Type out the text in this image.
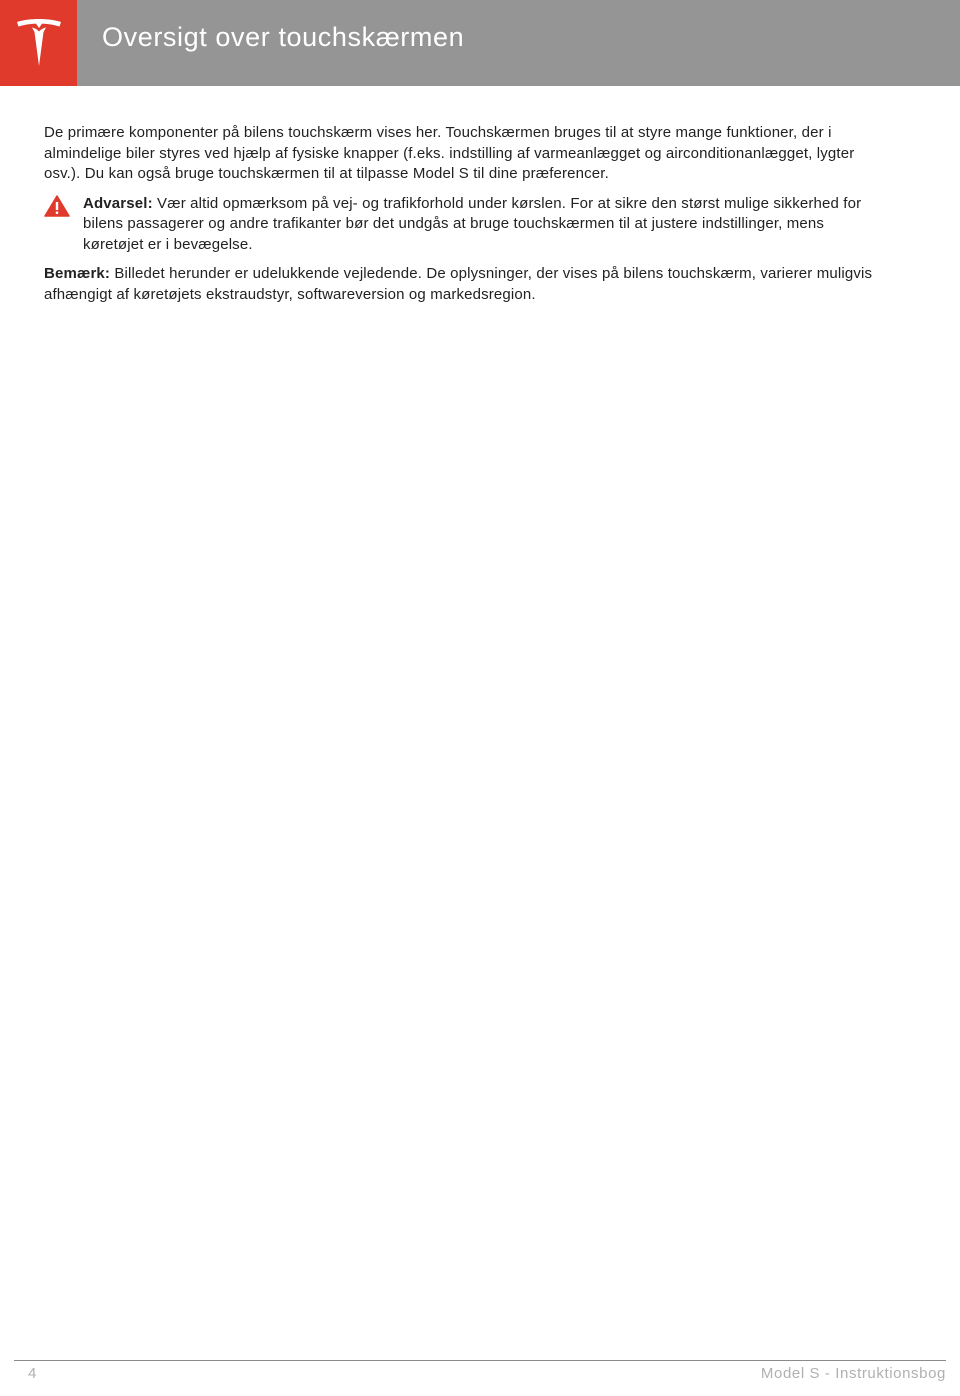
Oversigt over touchskærmen

De primære komponenter på bilens touchskærm vises her. Touchskærmen bruges til at styre mange funktioner, der i almindelige biler styres ved hjælp af fysiske knapper (f.eks. indstilling af varmeanlægget og airconditionanlægget, lygter osv.). Du kan også bruge touchskærmen til at tilpasse Model S til dine præferencer.

Advarsel: Vær altid opmærksom på vej- og trafikforhold under kørslen. For at sikre den størst mulige sikkerhed for bilens passagerer og andre trafikanter bør det undgås at bruge touchskærmen til at justere indstillinger, mens køretøjet er i bevægelse.

Bemærk: Billedet herunder er udelukkende vejledende. De oplysninger, der vises på bilens touchskærm, varierer muligvis afhængigt af køretøjets ekstraudstyr, softwareversion og markedsregion.

4	Model S - Instruktionsbog
